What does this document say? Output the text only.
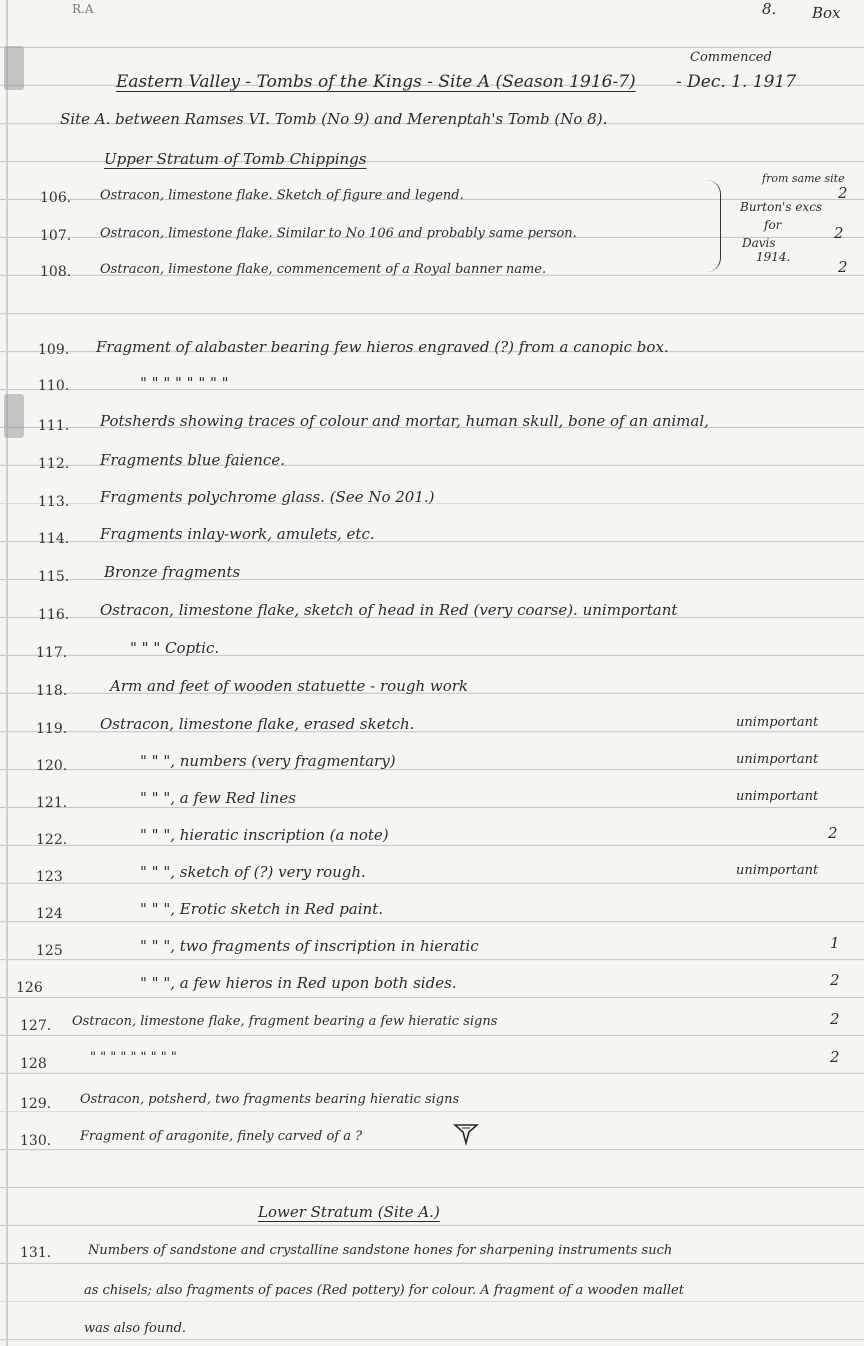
R.A	8. Box
Commenced
Eastern Valley - Tombs of the Kings - Site A (Season 1916-7) - Dec. 1. 1917
Site A. between Ramses VI. Tomb (No 9) and Merenptah's Tomb (No 8).
Upper Stratum of Tomb Chippings
106. Ostracon, limestone flake. Sketch of figure and legend.	2
107. Ostracon, limestone flake. Similar to No 106 and probably same person.	2
108. Ostracon, limestone flake, commencement of a Royal banner name.	2
from same site
Burton's excs
for
Davis
1914.
109. Fragment of alabaster bearing few hieros engraved (?) from a canopic box.
110.	" " " " " " " "
111. Potsherds showing traces of colour and mortar, human skull, bone of an animal,
112. Fragments blue faience.
113. Fragments polychrome glass. (See No 201.)
114. Fragments inlay-work, amulets, etc.
115. Bronze fragments
116. Ostracon, limestone flake, sketch of head in Red (very coarse). unimportant
117.	" " " Coptic.
118.	Arm and feet of wooden statuette - rough work
119. Ostracon, limestone flake, erased sketch.	unimportant
120.	" " ", numbers (very fragmentary)	unimportant
121.	" " ", a few Red lines	unimportant
122.	" " ", hieratic inscription (a note)	2
123	" " ", sketch of (?) very rough.	unimportant
124	" " ", Erotic sketch in Red paint.
125	" " ", two fragments of inscription in hieratic	1
126	" " ", a few hieros in Red upon both sides.	2
127. Ostracon, limestone flake, fragment bearing a few hieratic signs	2
128	" " " " " " " " "	2
129. Ostracon, potsherd, two fragments bearing hieratic signs
130. Fragment of aragonite, finely carved of a ?
Lower Stratum (Site A.)
131.	Numbers of sandstone and crystalline sandstone hones for sharpening instruments such
as chisels; also fragments of paces (Red pottery) for colour. A fragment of a wooden mallet
was also found.
